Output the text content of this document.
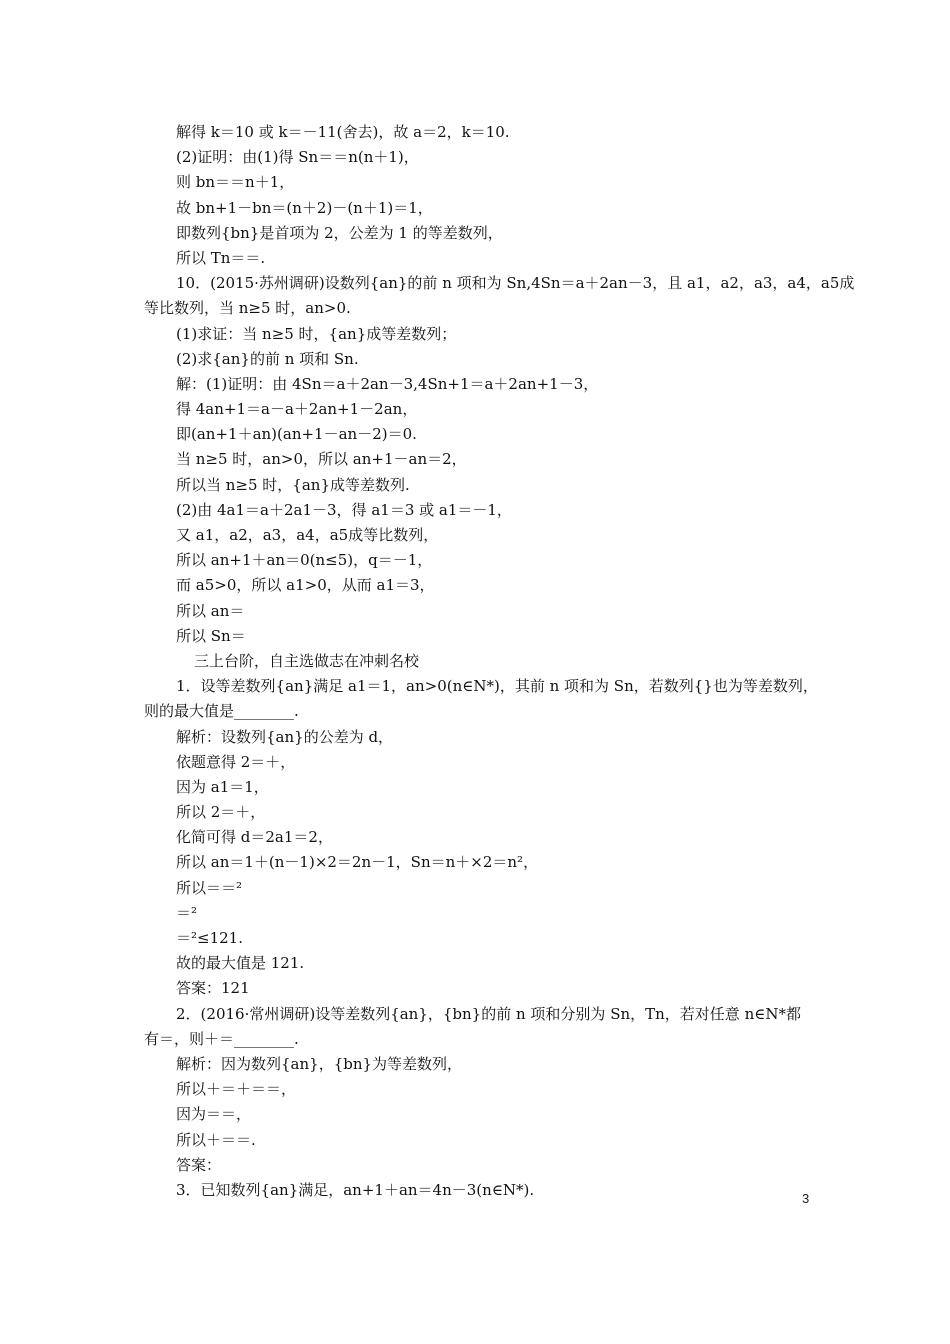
解得 k＝10 或 k＝－11(舍去)，故 a＝2，k＝10.
(2)证明：由(1)得 Sn＝＝n(n＋1)，
则 bn＝＝n＋1，
故 bn+1－bn＝(n＋2)－(n＋1)＝1，
即数列{bn}是首项为 2，公差为 1 的等差数列，
所以 Tn＝＝.
10．(2015·苏州调研)设数列{an}的前 n 项和为 Sn,4Sn＝a＋2an－3，且 a1，a2，a3，a4，a5成
等比数列，当 n≥5 时，an>0.
(1)求证：当 n≥5 时，{an}成等差数列；
(2)求{an}的前 n 项和 Sn.
解：(1)证明：由 4Sn＝a＋2an－3,4Sn+1＝a＋2an+1－3，
得 4an+1＝a－a＋2an+1－2an，
即(an+1＋an)(an+1－an－2)＝0.
当 n≥5 时，an>0，所以 an+1－an＝2，
所以当 n≥5 时，{an}成等差数列.
(2)由 4a1＝a＋2a1－3，得 a1＝3 或 a1＝－1，
又 a1，a2，a3，a4，a5成等比数列，
所以 an+1＋an＝0(n≤5)，q＝－1，
而 a5>0，所以 a1>0，从而 a1＝3，
所以 an＝
所以 Sn＝
三上台阶，自主选做志在冲刺名校
1．设等差数列{an}满足 a1＝1，an>0(n∈N*)，其前 n 项和为 Sn，若数列{}也为等差数列，
则的最大值是________.
解析：设数列{an}的公差为 d，
依题意得 2＝＋，
因为 a1＝1，
所以 2＝＋，
化简可得 d＝2a1＝2，
所以 an＝1＋(n－1)×2＝2n－1，Sn＝n＋×2＝n²，
所以＝＝²
＝²
＝²≤121.
故的最大值是 121.
答案：121
2．(2016·常州调研)设等差数列{an}，{bn}的前 n 项和分别为 Sn，Tn，若对任意 n∈N*都
有＝，则＋＝________.
解析：因为数列{an}，{bn}为等差数列，
所以＋＝＋＝＝，
因为＝＝，
所以＋＝＝.
答案：
3．已知数列{an}满足，an+1＋an＝4n－3(n∈N*).	3
